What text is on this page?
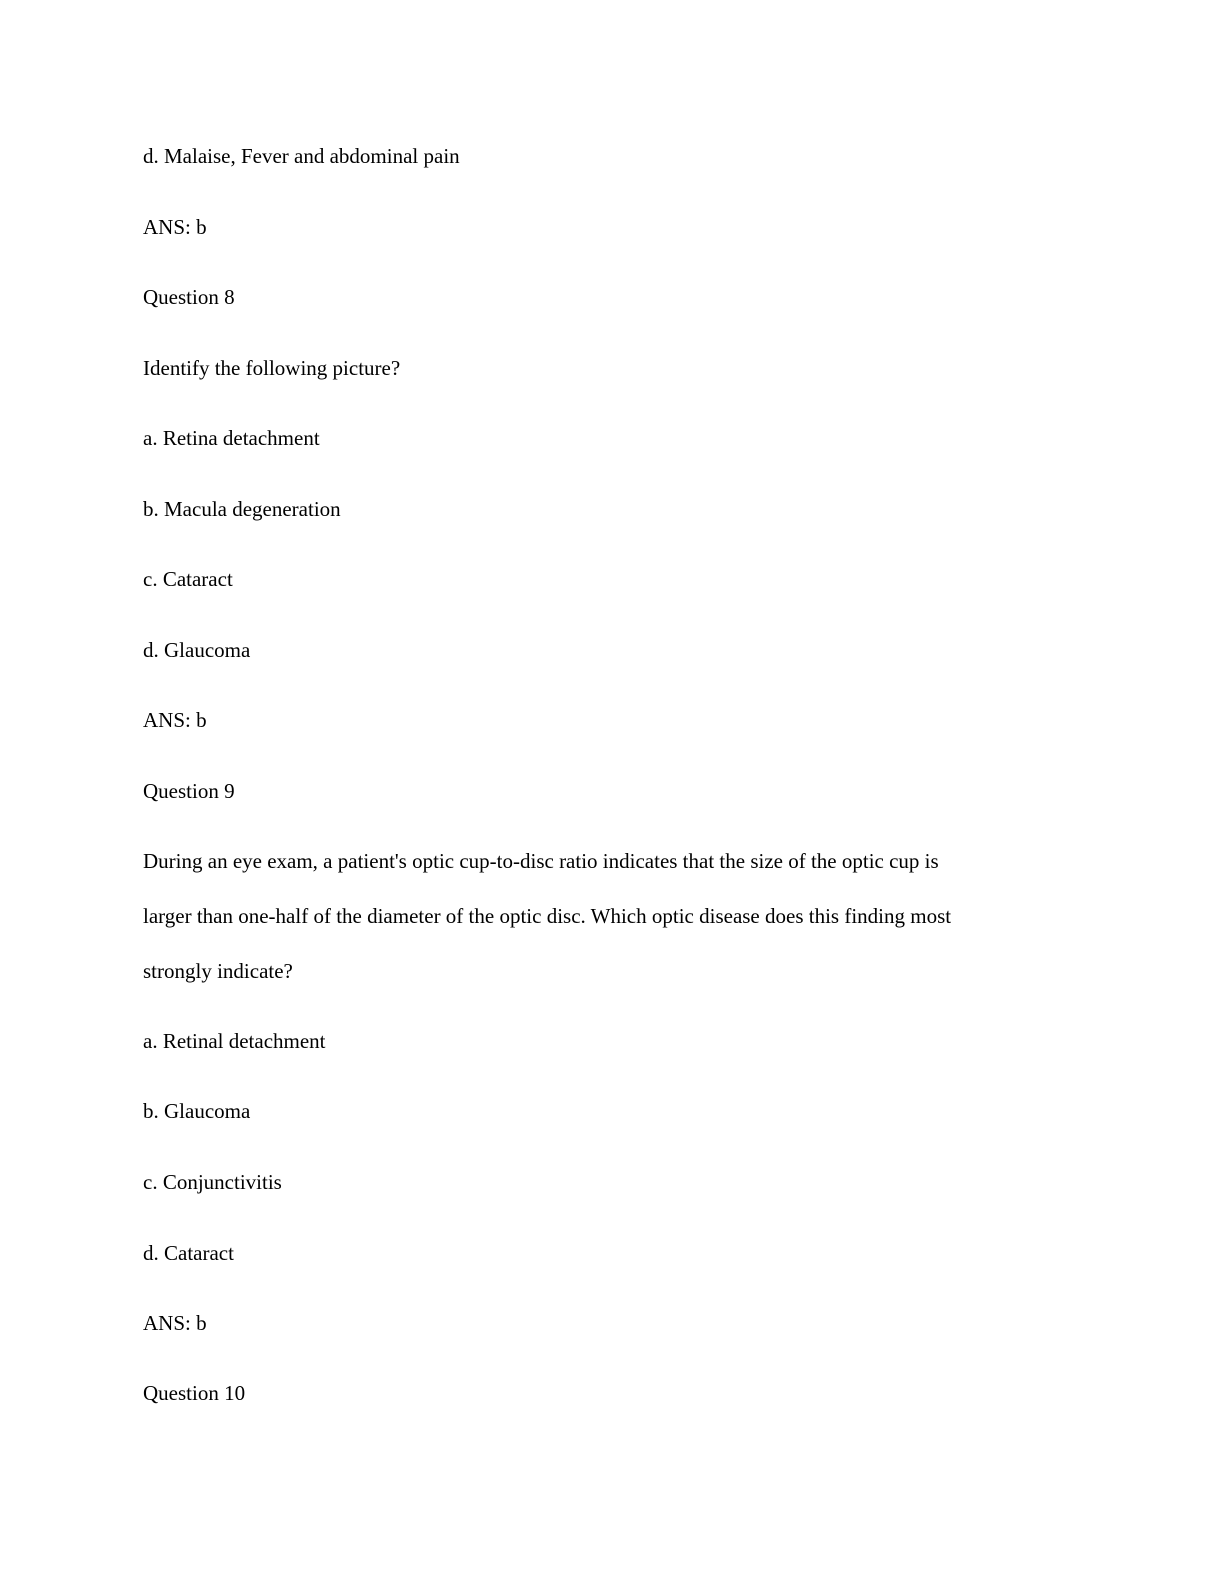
d. Malaise, Fever and abdominal pain

ANS: b

Question 8

Identify the following picture?

a. Retina detachment

b. Macula degeneration

c. Cataract

d. Glaucoma

ANS: b

Question 9

During an eye exam, a patient's optic cup-to-disc ratio indicates that the size of the optic cup is

larger than one-half of the diameter of the optic disc. Which optic disease does this finding most

strongly indicate?

a. Retinal detachment

b. Glaucoma

c. Conjunctivitis

d. Cataract

ANS: b

Question 10
